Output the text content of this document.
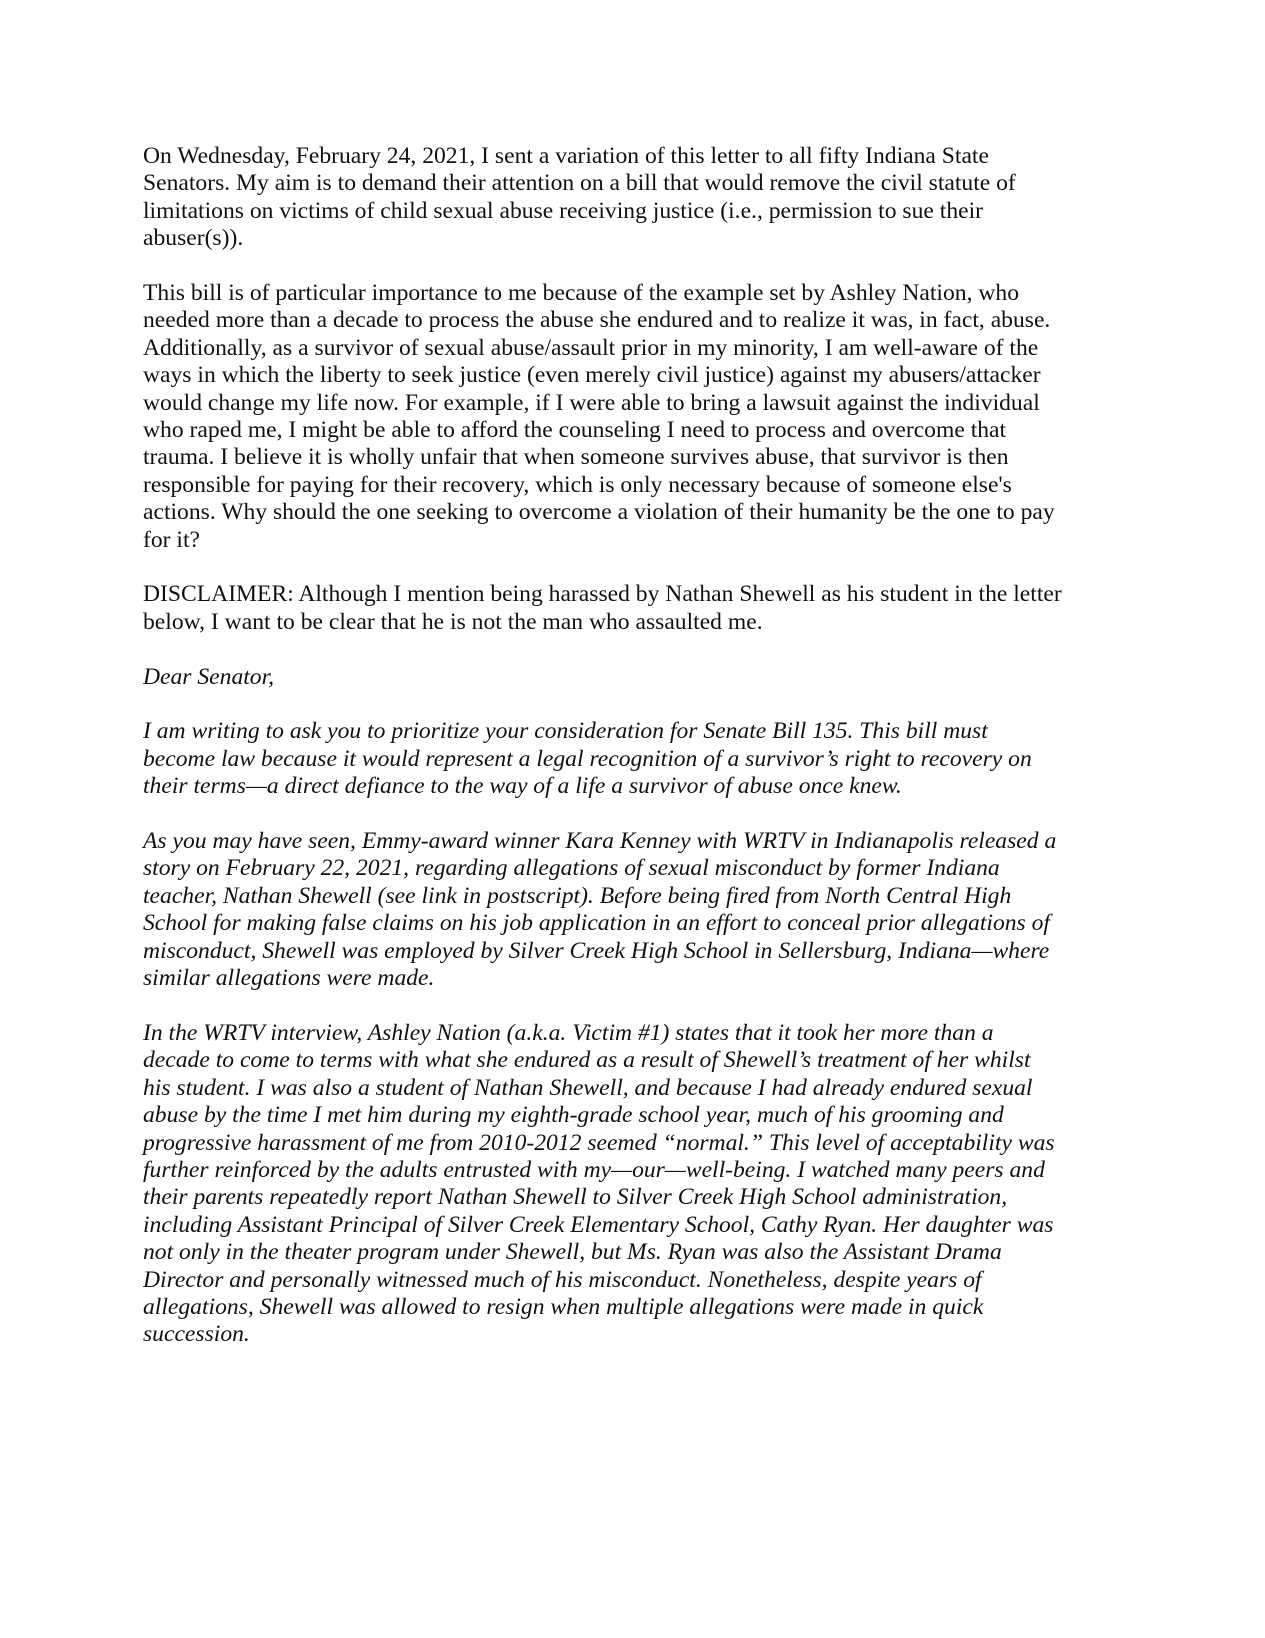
On Wednesday, February 24, 2021, I sent a variation of this letter to all fifty Indiana State
Senators. My aim is to demand their attention on a bill that would remove the civil statute of
limitations on victims of child sexual abuse receiving justice (i.e., permission to sue their
abuser(s)).
This bill is of particular importance to me because of the example set by Ashley Nation, who
needed more than a decade to process the abuse she endured and to realize it was, in fact, abuse.
Additionally, as a survivor of sexual abuse/assault prior in my minority, I am well-aware of the
ways in which the liberty to seek justice (even merely civil justice) against my abusers/attacker
would change my life now. For example, if I were able to bring a lawsuit against the individual
who raped me, I might be able to afford the counseling I need to process and overcome that
trauma. I believe it is wholly unfair that when someone survives abuse, that survivor is then
responsible for paying for their recovery, which is only necessary because of someone else's
actions. Why should the one seeking to overcome a violation of their humanity be the one to pay
for it?
DISCLAIMER: Although I mention being harassed by Nathan Shewell as his student in the letter
below, I want to be clear that he is not the man who assaulted me.
Dear Senator,
I am writing to ask you to prioritize your consideration for Senate Bill 135. This bill must
become law because it would represent a legal recognition of a survivor’s right to recovery on
their terms—a direct defiance to the way of a life a survivor of abuse once knew.
As you may have seen, Emmy-award winner Kara Kenney with WRTV in Indianapolis released a
story on February 22, 2021, regarding allegations of sexual misconduct by former Indiana
teacher, Nathan Shewell (see link in postscript). Before being fired from North Central High
School for making false claims on his job application in an effort to conceal prior allegations of
misconduct, Shewell was employed by Silver Creek High School in Sellersburg, Indiana—where
similar allegations were made.
In the WRTV interview, Ashley Nation (a.k.a. Victim #1) states that it took her more than a
decade to come to terms with what she endured as a result of Shewell’s treatment of her whilst
his student. I was also a student of Nathan Shewell, and because I had already endured sexual
abuse by the time I met him during my eighth-grade school year, much of his grooming and
progressive harassment of me from 2010-2012 seemed “normal.” This level of acceptability was
further reinforced by the adults entrusted with my—our—well-being. I watched many peers and
their parents repeatedly report Nathan Shewell to Silver Creek High School administration,
including Assistant Principal of Silver Creek Elementary School, Cathy Ryan. Her daughter was
not only in the theater program under Shewell, but Ms. Ryan was also the Assistant Drama
Director and personally witnessed much of his misconduct. Nonetheless, despite years of
allegations, Shewell was allowed to resign when multiple allegations were made in quick
succession.
